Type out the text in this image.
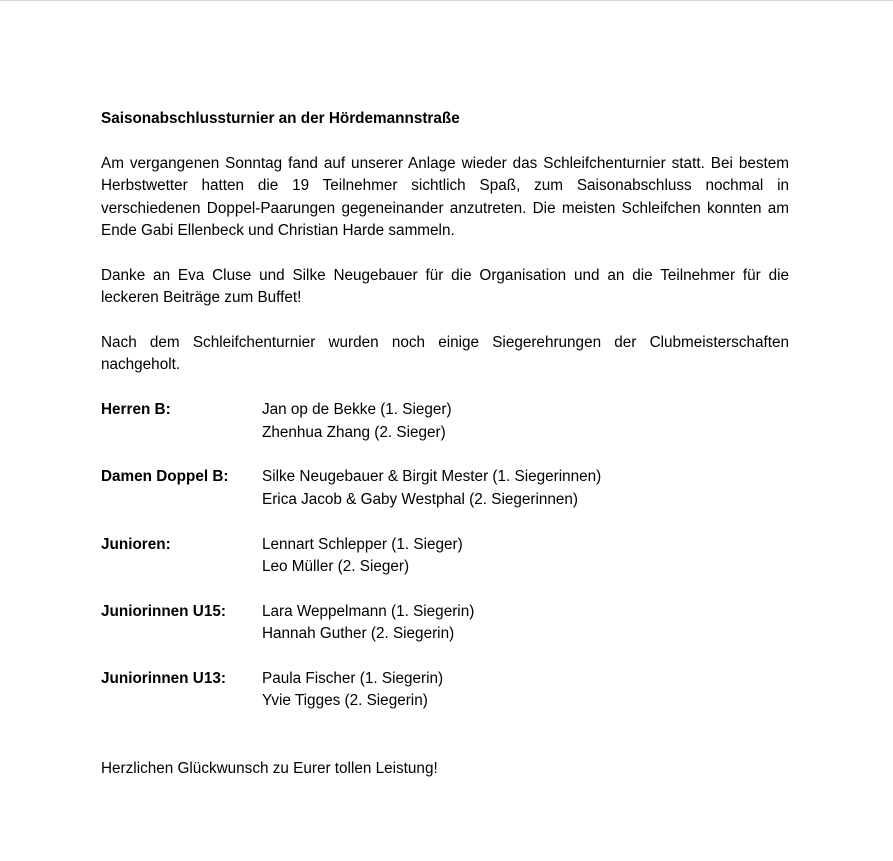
Saisonabschlussturnier an der Hördemannstraße

Am vergangenen Sonntag fand auf unserer Anlage wieder das Schleifchenturnier statt. Bei bestem Herbstwetter hatten die 19 Teilnehmer sichtlich Spaß, zum Saisonabschluss nochmal in verschiedenen Doppel-Paarungen gegeneinander anzutreten. Die meisten Schleifchen konnten am Ende Gabi Ellenbeck und Christian Harde sammeln.

Danke an Eva Cluse und Silke Neugebauer für die Organisation und an die Teilnehmer für die leckeren Beiträge zum Buffet!

Nach dem Schleifchenturnier wurden noch einige Siegerehrungen der Clubmeisterschaften nachgeholt.

Herren B:	Jan op de Bekke (1. Sieger)
Zhenhua Zhang (2. Sieger)
Damen Doppel B:	Silke Neugebauer & Birgit Mester (1. Siegerinnen)
Erica Jacob & Gaby Westphal (2. Siegerinnen)
Junioren:	Lennart Schlepper (1. Sieger)
Leo Müller (2. Sieger)
Juniorinnen U15:	Lara Weppelmann (1. Siegerin)
Hannah Guther (2. Siegerin)
Juniorinnen U13:	Paula Fischer (1. Siegerin)
Yvie Tigges (2. Siegerin)

Herzlichen Glückwunsch zu Eurer tollen Leistung!
